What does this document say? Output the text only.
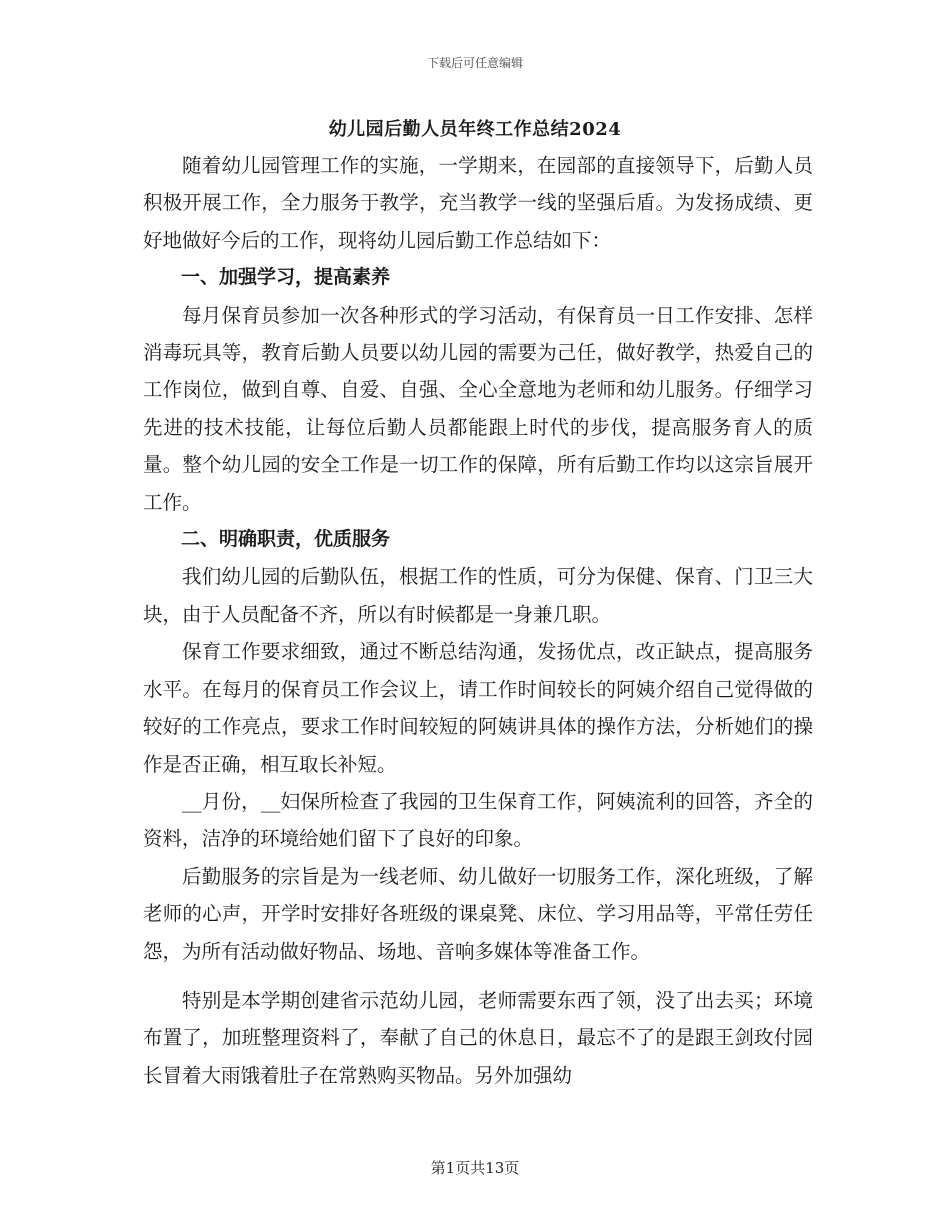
下载后可任意编辑
幼儿园后勤人员年终工作总结2024

随着幼儿园管理工作的实施，一学期来，在园部的直接领导下，后勤人员积极开展工作，全力服务于教学，充当教学一线的坚强后盾。为发扬成绩、更好地做好今后的工作，现将幼儿园后勤工作总结如下：

一、加强学习，提高素养

每月保育员参加一次各种形式的学习活动，有保育员一日工作安排、怎样消毒玩具等，教育后勤人员要以幼儿园的需要为己任，做好教学，热爱自己的工作岗位，做到自尊、自爱、自强、全心全意地为老师和幼儿服务。仔细学习先进的技术技能，让每位后勤人员都能跟上时代的步伐，提高服务育人的质量。整个幼儿园的安全工作是一切工作的保障，所有后勤工作均以这宗旨展开工作。

二、明确职责，优质服务

我们幼儿园的后勤队伍，根据工作的性质，可分为保健、保育、门卫三大块，由于人员配备不齐，所以有时候都是一身兼几职。

保育工作要求细致，通过不断总结沟通，发扬优点，改正缺点，提高服务水平。在每月的保育员工作会议上，请工作时间较长的阿姨介绍自己觉得做的较好的工作亮点，要求工作时间较短的阿姨讲具体的操作方法，分析她们的操作是否正确，相互取长补短。

__月份，__妇保所检查了我园的卫生保育工作，阿姨流利的回答，齐全的资料，洁净的环境给她们留下了良好的印象。

后勤服务的宗旨是为一线老师、幼儿做好一切服务工作，深化班级，了解老师的心声，开学时安排好各班级的课桌凳、床位、学习用品等，平常任劳任怨，为所有活动做好物品、场地、音响多媒体等准备工作。

特别是本学期创建省示范幼儿园，老师需要东西了领，没了出去买；环境布置了，加班整理资料了，奉献了自己的休息日，最忘不了的是跟王剑玫付园长冒着大雨饿着肚子在常熟购买物品。另外加强幼

第1页共13页
